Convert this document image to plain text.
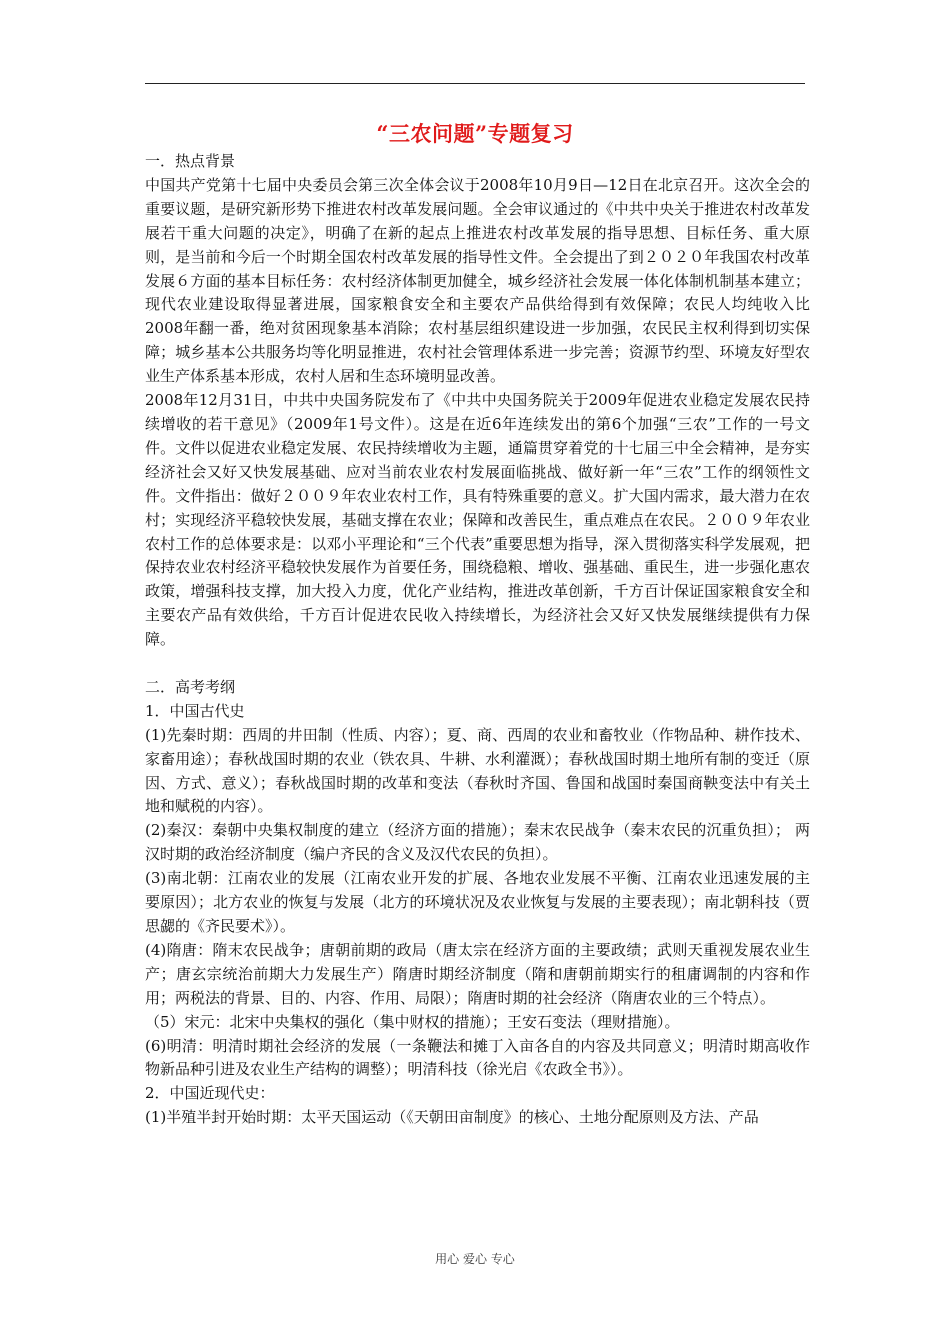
“三农问题”专题复习

一．热点背景

中国共产党第十七届中央委员会第三次全体会议于2008年10月9日—12日在北京召开。这次全会的重要议题，是研究新形势下推进农村改革发展问题。全会审议通过的《中共中央关于推进农村改革发展若干重大问题的决定》，明确了在新的起点上推进农村改革发展的指导思想、目标任务、重大原则，是当前和今后一个时期全国农村改革发展的指导性文件。全会提出了到２０２０年我国农村改革发展６方面的基本目标任务：农村经济体制更加健全，城乡经济社会发展一体化体制机制基本建立；现代农业建设取得显著进展，国家粮食安全和主要农产品供给得到有效保障；农民人均纯收入比2008年翻一番，绝对贫困现象基本消除；农村基层组织建设进一步加强，农民民主权利得到切实保障；城乡基本公共服务均等化明显推进，农村社会管理体系进一步完善；资源节约型、环境友好型农业生产体系基本形成，农村人居和生态环境明显改善。

2008年12月31日，中共中央国务院发布了《中共中央国务院关于2009年促进农业稳定发展农民持续增收的若干意见》（2009年1号文件）。这是在近6年连续发出的第6个加强“三农”工作的一号文件。文件以促进农业稳定发展、农民持续增收为主题，通篇贯穿着党的十七届三中全会精神，是夯实经济社会又好又快发展基础、应对当前农业农村发展面临挑战、做好新一年“三农”工作的纲领性文件。文件指出：做好２００９年农业农村工作，具有特殊重要的意义。扩大国内需求，最大潜力在农村；实现经济平稳较快发展，基础支撑在农业；保障和改善民生，重点难点在农民。２００９年农业农村工作的总体要求是：以邓小平理论和“三个代表”重要思想为指导，深入贯彻落实科学发展观，把保持农业农村经济平稳较快发展作为首要任务，围绕稳粮、增收、强基础、重民生，进一步强化惠农政策，增强科技支撑，加大投入力度，优化产业结构，推进改革创新，千方百计保证国家粮食安全和主要农产品有效供给，千方百计促进农民收入持续增长，为经济社会又好又快发展继续提供有力保障。

二．高考考纲

1．中国古代史

(1)先秦时期：西周的井田制（性质、内容）；夏、商、西周的农业和畜牧业（作物品种、耕作技术、家畜用途）；春秋战国时期的农业（铁农具、牛耕、水利灌溉）；春秋战国时期土地所有制的变迁（原因、方式、意义）；春秋战国时期的改革和变法（春秋时齐国、鲁国和战国时秦国商鞅变法中有关土地和赋税的内容）。

(2)秦汉：秦朝中央集权制度的建立（经济方面的措施）；秦末农民战争（秦末农民的沉重负担）； 两汉时期的政治经济制度（编户齐民的含义及汉代农民的负担）。

(3)南北朝：江南农业的发展（江南农业开发的扩展、各地农业发展不平衡、江南农业迅速发展的主要原因）；北方农业的恢复与发展（北方的环境状况及农业恢复与发展的主要表现）；南北朝科技（贾思勰的《齐民要术》）。

(4)隋唐：隋末农民战争；唐朝前期的政局（唐太宗在经济方面的主要政绩；武则天重视发展农业生产；唐玄宗统治前期大力发展生产）隋唐时期经济制度（隋和唐朝前期实行的租庸调制的内容和作用；两税法的背景、目的、内容、作用、局限）；隋唐时期的社会经济（隋唐农业的三个特点）。

（5）宋元：北宋中央集权的强化（集中财权的措施）；王安石变法（理财措施）。

(6)明清：明清时期社会经济的发展（一条鞭法和摊丁入亩各自的内容及共同意义；明清时期高收作物新品种引进及农业生产结构的调整）；明清科技（徐光启《农政全书》）。

2．中国近现代史：

(1)半殖半封开始时期：太平天国运动（《天朝田亩制度》的核心、土地分配原则及方法、产品

用心 爱心 专心
